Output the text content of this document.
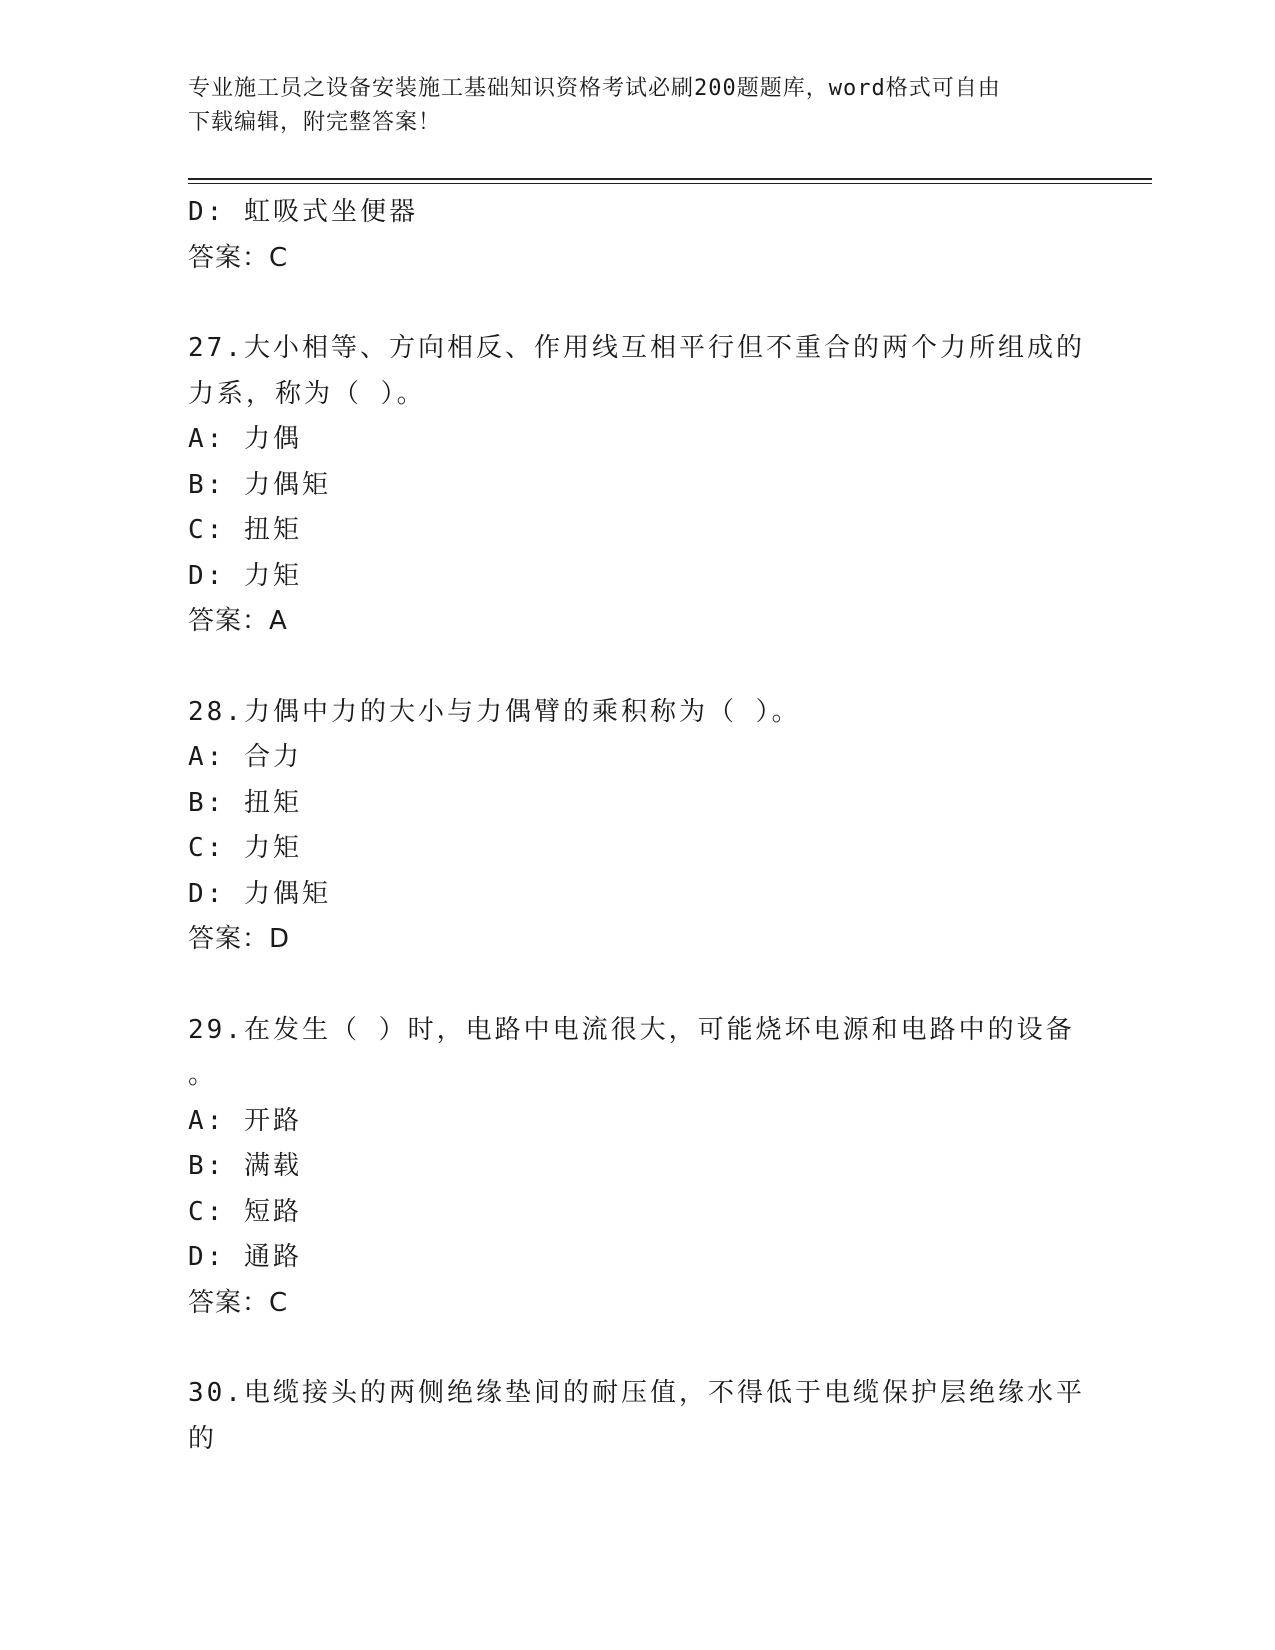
专业施工员之设备安装施工基础知识资格考试必刷200题题库，word格式可自由
下载编辑，附完整答案！
D: 虹吸式坐便器
答案：C
27.大小相等、方向相反、作用线互相平行但不重合的两个力所组成的
力系，称为（ ）。
A: 力偶
B: 力偶矩
C: 扭矩
D: 力矩
答案：A
28.力偶中力的大小与力偶臂的乘积称为（ ）。
A: 合力
B: 扭矩
C: 力矩
D: 力偶矩
答案：D
29.在发生（ ）时，电路中电流很大，可能烧坏电源和电路中的设备
。
A: 开路
B: 满载
C: 短路
D: 通路
答案：C
30.电缆接头的两侧绝缘垫间的耐压值，不得低于电缆保护层绝缘水平
的
